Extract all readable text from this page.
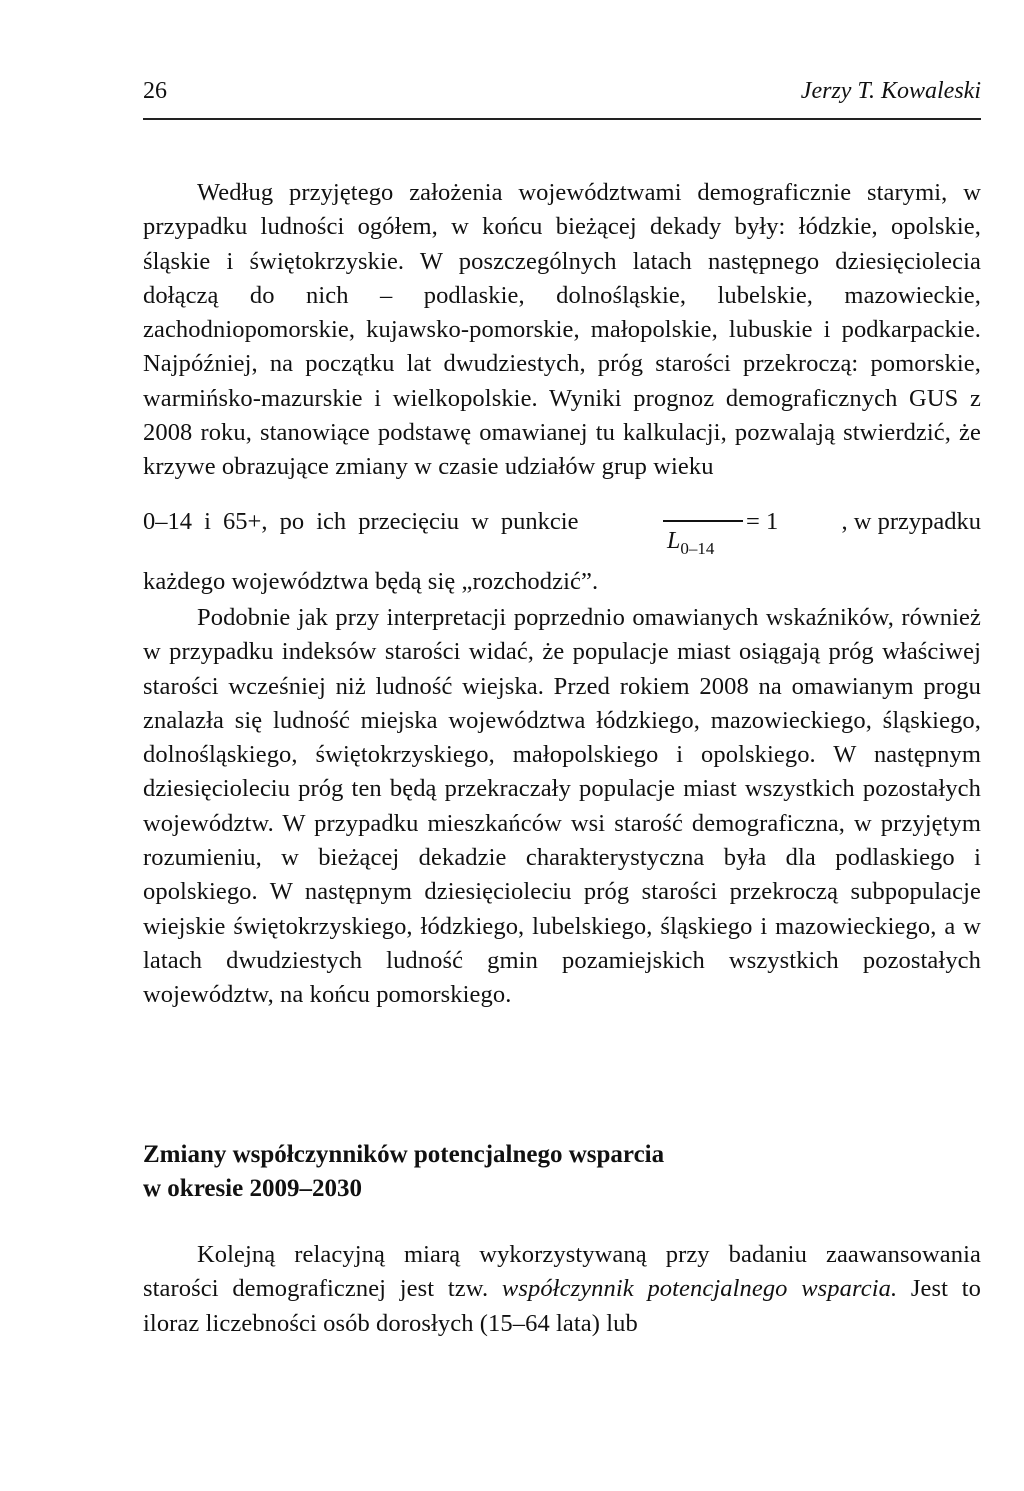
26	Jerzy T. Kowaleski

Według przyjętego założenia województwami demograficznie starymi, w przypadku ludności ogółem, w końcu bieżącej dekady były: łódzkie, opolskie, śląskie i świętokrzyskie. W poszczególnych latach następnego dziesięciolecia dołączą do nich – podlaskie, dolnośląskie, lubelskie, mazowieckie, zachodniopomorskie, kujawsko-pomorskie, małopolskie, lubuskie i podkarpackie. Najpóźniej, na początku lat dwudziestych, próg starości przekroczą: pomorskie, warmińsko-mazurskie i wielkopolskie. Wyniki prognoz demograficznych GUS z 2008 roku, stanowiące podstawę omawianej tu kalkulacji, pozwalają stwierdzić, że krzywe obrazujące zmiany w czasie udziałów grup wieku

0–14 i 65+, po ich przecięciu w punkcie
$L_{0-14}$
= 1	, w przypadku

każdego województwa będą się „rozchodzić”.

Podobnie jak przy interpretacji poprzednio omawianych wskaźników, również w przypadku indeksów starości widać, że populacje miast osiągają próg właściwej starości wcześniej niż ludność wiejska. Przed rokiem 2008 na omawianym progu znalazła się ludność miejska województwa łódzkiego, mazowieckiego, śląskiego, dolnośląskiego, świętokrzyskiego, małopolskiego i opolskiego. W następnym dziesięcioleciu próg ten będą przekraczały populacje miast wszystkich pozostałych województw. W przypadku mieszkańców wsi starość demograficzna, w przyjętym rozumieniu, w bieżącej dekadzie charakterystyczna była dla podlaskiego i opolskiego. W następnym dziesięcioleciu próg starości przekroczą subpopulacje wiejskie świętokrzyskiego, łódzkiego, lubelskiego, śląskiego i mazowieckiego, a w latach dwudziestych ludność gmin pozamiejskich wszystkich pozostałych województw, na końcu pomorskiego.

Zmiany współczynników potencjalnego wsparcia
w okresie 2009–2030

Kolejną relacyjną miarą wykorzystywaną przy badaniu zaawansowania starości demograficznej jest tzw. współczynnik potencjalnego wsparcia. Jest to iloraz liczebności osób dorosłych (15–64 lata) lub
